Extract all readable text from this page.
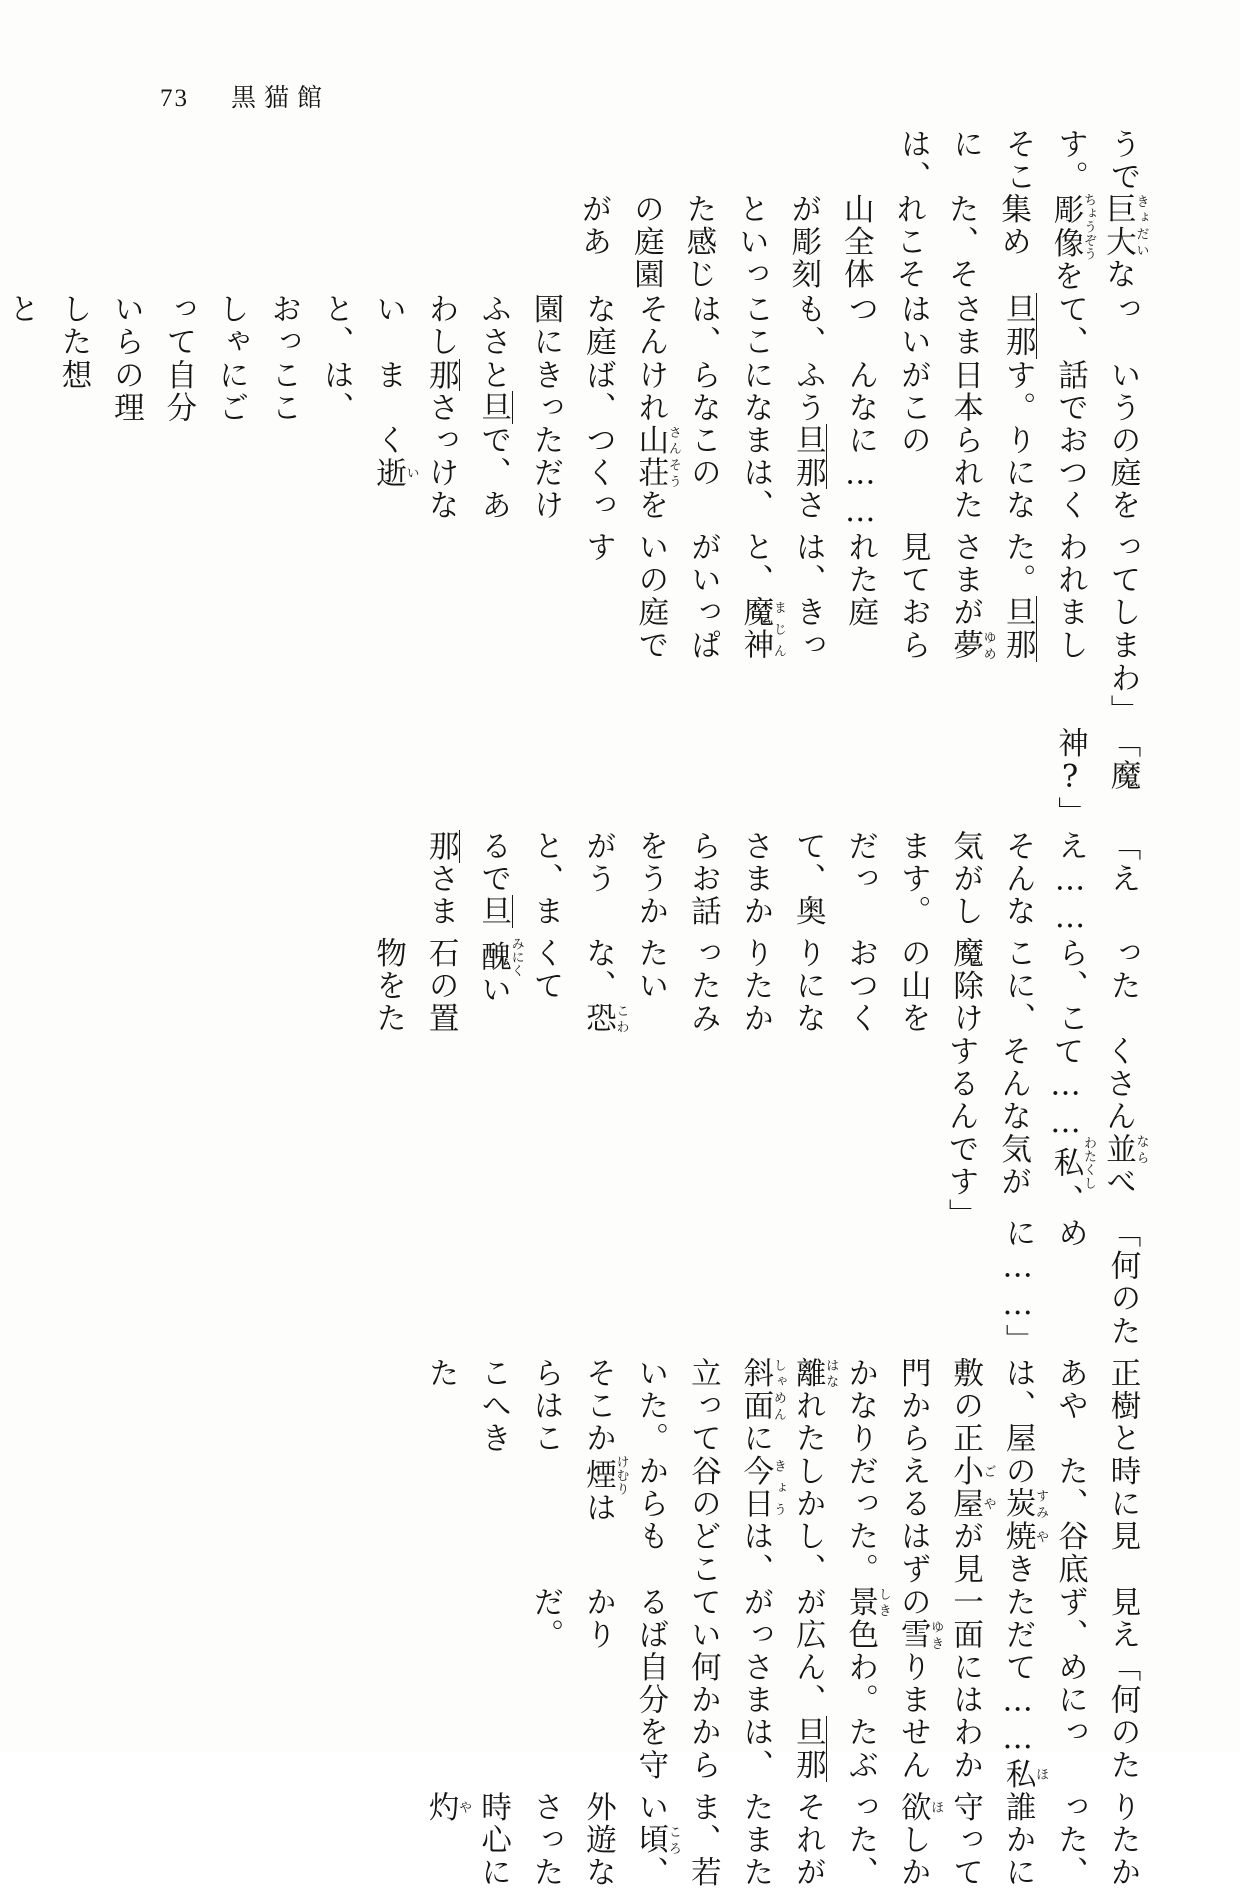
73 黒猫館
うです。そこには、
巨大きょだいな彫像ちょうぞうを集めた、それこそ山全体が彫刻といった感じの庭園があ
って、旦那さまはいつも、ここは、そんな庭園にふさわしいと、おっしゃっていらしたと
いう話です。日本がこんなふうにならなければ、きっと旦那さまは、ここにご自分の理想
の庭をおつくりになられたのに……旦那さまは、この山荘さんそうをつくっただけで、あっけなく逝い
ってしまわれました。旦那さまが夢ゆめ見ておられた庭は、きっと、魔神まじんがいっぱいの庭です
わ」
「魔神?」
「ええ……そんな気がします。だって、奥さまからお話をうかがうと、まるで旦那さま
ったら、ここに、魔除けの山をおつくりになりたかったみたいな、恐こわくて醜みにくい石の置物をた
くさん並ならべて……私わたくし、そんな気がするんです」
「何のために……」
正樹とあやは、屋敷の正門からかなり離はなれた斜面しゃめんに立っていた。そこからはここへきた
時に見た、谷底の炭すみ焼やき小屋ごやが見えるはずだった。しかし、今日きょうは、谷のどこからも煙けむりは
見えず、ただ一面の雪ゆき景しき色が広がっているばかりだ。
「何のためにって……私ほにはわかりませんわ。たぶん、旦那さまは、何かから自分を守
りたかった、誰かに守って欲ほしかった、それがたまたま、若い頃ころ、外遊なさった時心に灼や
